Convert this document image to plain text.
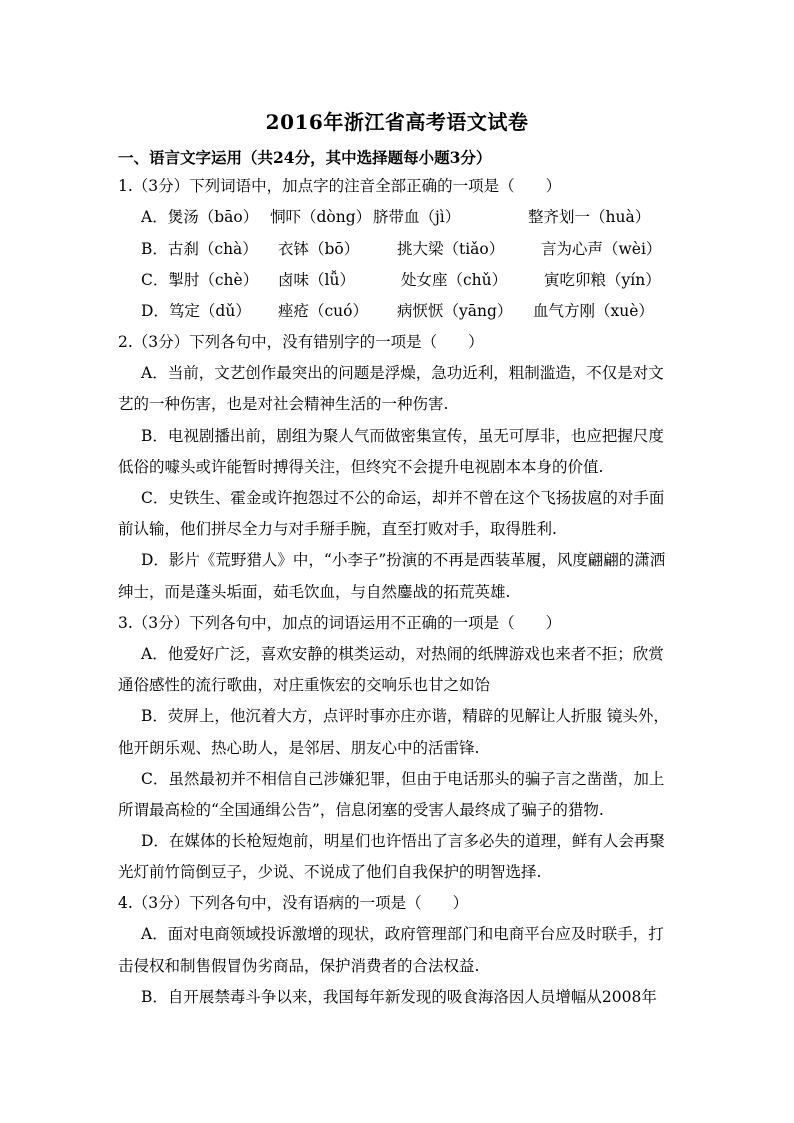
2016年浙江省高考语文试卷
一、语言文字运用（共24分，其中选择题每小题3分）
1.（3分）下列词语中，加点字的注音全部正确的一项是（　　）
A．煲汤（bāo） 恫吓（dòng） 脐带血（jì）	整齐划一（huà）
B．古刹（chà） 衣钵（bō） 挑大梁（tiǎo） 言为心声（wèi）
C．掣肘（chè） 卤味（lǚ）	处女座（chǔ） 寅吃卯粮（yín）
D．笃定（dǔ） 痤疮（cuó） 病恹恹（yāng） 血气方刚（xuè）
2.（3分）下列各句中，没有错别字的一项是（　　）
A．当前，文艺创作最突出的问题是浮燥，急功近利，粗制滥造，不仅是对文
艺的一种伤害，也是对社会精神生活的一种伤害.
B．电视剧播出前，剧组为聚人气而做密集宣传，虽无可厚非，也应把握尺度
低俗的噱头或许能暂时搏得关注，但终究不会提升电视剧本本身的价值.
C．史铁生、霍金或许抱怨过不公的命运，却并不曾在这个飞扬拔扈的对手面
前认输，他们拼尽全力与对手掰手腕，直至打败对手，取得胜利.
D．影片《荒野猎人》中，“小李子”扮演的不再是西装革履，风度翩翩的潇洒
绅士，而是蓬头垢面，茹毛饮血，与自然鏖战的拓荒英雄.
3.（3分）下列各句中，加点的词语运用不正确的一项是（　　）
A．他爱好广泛，喜欢安静的棋类运动，对热闹的纸牌游戏也来者不拒；欣赏
通俗感性的流行歌曲，对庄重恢宏的交响乐也甘之如饴
B．荧屏上，他沉着大方，点评时事亦庄亦谐，精辟的见解让人折服 镜头外，
他开朗乐观、热心助人，是邻居、朋友心中的活雷锋.
C．虽然最初并不相信自己涉嫌犯罪，但由于电话那头的骗子言之凿凿，加上
所谓最高检的“全国通缉公告”，信息闭塞的受害人最终成了骗子的猎物.
D．在媒体的长枪短炮前，明星们也许悟出了言多必失的道理，鲜有人会再聚
光灯前竹筒倒豆子，少说、不说成了他们自我保护的明智选择.
4.（3分）下列各句中，没有语病的一项是（　　）
A．面对电商领域投诉激增的现状，政府管理部门和电商平台应及时联手，打
击侵权和制售假冒伪劣商品，保护消费者的合法权益.
B．自开展禁毒斗争以来，我国每年新发现的吸食海洛因人员增幅从2008年
